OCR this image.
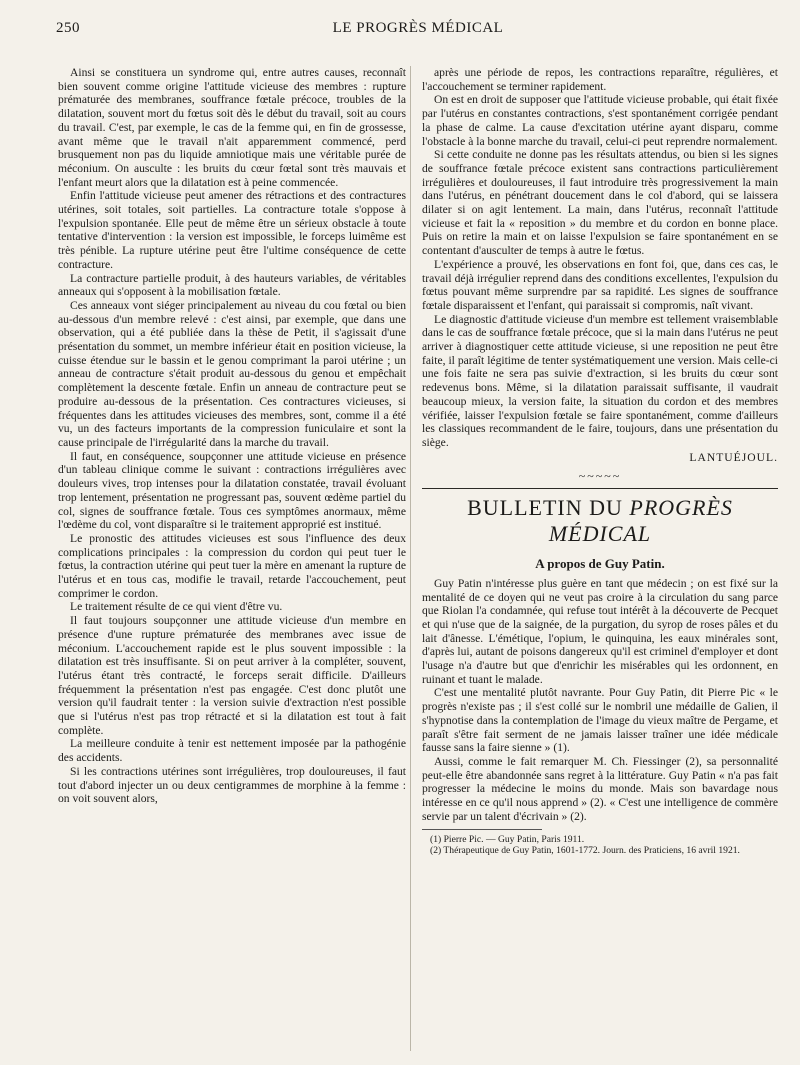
250	LE PROGRÈS MÉDICAL

Ainsi se constituera un syndrome qui, entre autres causes, reconnaît bien souvent comme origine l'attitude vicieuse des membres : rupture prématurée des membranes, souffrance fœtale précoce, troubles de la dilatation, souvent mort du fœtus soit dès le début du travail, soit au cours du travail. C'est, par exemple, le cas de la femme qui, en fin de grossesse, avant même que le travail n'ait apparemment commencé, perd brusquement non pas du liquide amniotique mais une véritable purée de méconium. On ausculte : les bruits du cœur fœtal sont très mauvais et l'enfant meurt alors que la dilatation est à peine commencée.

Enfin l'attitude vicieuse peut amener des rétractions et des contractures utérines, soit totales, soit partielles. La contracture totale s'oppose à l'expulsion spontanée. Elle peut de même être un sérieux obstacle à toute tentative d'intervention : la version est impossible, le forceps luimême est très pénible. La rupture utérine peut être l'ultime conséquence de cette contracture.

La contracture partielle produit, à des hauteurs variables, de véritables anneaux qui s'opposent à la mobilisation fœtale.

Ces anneaux vont siéger principalement au niveau du cou fœtal ou bien au-dessous d'un membre relevé : c'est ainsi, par exemple, que dans une observation, qui a été publiée dans la thèse de Petit, il s'agissait d'une présentation du sommet, un membre inférieur était en position vicieuse, la cuisse étendue sur le bassin et le genou comprimant la paroi utérine ; un anneau de contracture s'était produit au-dessous du genou et empêchait complètement la descente fœtale. Enfin un anneau de contracture peut se produire au-dessous de la présentation. Ces contractures vicieuses, si fréquentes dans les attitudes vicieuses des membres, sont, comme il a été vu, un des facteurs importants de la compression funiculaire et sont la cause principale de l'irrégularité dans la marche du travail.

Il faut, en conséquence, soupçonner une attitude vicieuse en présence d'un tableau clinique comme le suivant : contractions irrégulières avec douleurs vives, trop intenses pour la dilatation constatée, travail évoluant trop lentement, présentation ne progressant pas, souvent œdème partiel du col, signes de souffrance fœtale. Tous ces symptômes anormaux, même l'œdème du col, vont disparaître si le traitement approprié est institué.

Le pronostic des attitudes vicieuses est sous l'influence des deux complications principales : la compression du cordon qui peut tuer le fœtus, la contraction utérine qui peut tuer la mère en amenant la rupture de l'utérus et en tous cas, modifie le travail, retarde l'accouchement, peut comprimer le cordon.

Le traitement résulte de ce qui vient d'être vu.

Il faut toujours soupçonner une attitude vicieuse d'un membre en présence d'une rupture prématurée des membranes avec issue de méconium. L'accouchement rapide est le plus souvent impossible : la dilatation est très insuffisante. Si on peut arriver à la compléter, souvent, l'utérus étant très contracté, le forceps serait difficile. D'ailleurs fréquemment la présentation n'est pas engagée. C'est donc plutôt une version qu'il faudrait tenter : la version suivie d'extraction n'est possible que si l'utérus n'est pas trop rétracté et si la dilatation est tout à fait complète.

La meilleure conduite à tenir est nettement imposée par la pathogénie des accidents.

Si les contractions utérines sont irrégulières, trop douloureuses, il faut tout d'abord injecter un ou deux centigrammes de morphine à la femme : on voit souvent alors,

après une période de repos, les contractions reparaître, régulières, et l'accouchement se terminer rapidement.

On est en droit de supposer que l'attitude vicieuse probable, qui était fixée par l'utérus en constantes contractions, s'est spontanément corrigée pendant la phase de calme. La cause d'excitation utérine ayant disparu, comme l'obstacle à la bonne marche du travail, celui-ci peut reprendre normalement.

Si cette conduite ne donne pas les résultats attendus, ou bien si les signes de souffrance fœtale précoce existent sans contractions particulièrement irrégulières et douloureuses, il faut introduire très progressivement la main dans l'utérus, en pénétrant doucement dans le col d'abord, qui se laissera dilater si on agit lentement. La main, dans l'utérus, reconnaît l'attitude vicieuse et fait la « reposition » du membre et du cordon en bonne place. Puis on retire la main et on laisse l'expulsion se faire spontanément en se contentant d'ausculter de temps à autre le fœtus.

L'expérience a prouvé, les observations en font foi, que, dans ces cas, le travail déjà irrégulier reprend dans des conditions excellentes, l'expulsion du fœtus pouvant même surprendre par sa rapidité. Les signes de souffrance fœtale disparaissent et l'enfant, qui paraissait si compromis, naît vivant.

Le diagnostic d'attitude vicieuse d'un membre est tellement vraisemblable dans le cas de souffrance fœtale précoce, que si la main dans l'utérus ne peut arriver à diagnostiquer cette attitude vicieuse, si une reposition ne peut être faite, il paraît légitime de tenter systématiquement une version. Mais celle-ci une fois faite ne sera pas suivie d'extraction, si les bruits du cœur sont redevenus bons. Même, si la dilatation paraissait suffisante, il vaudrait beaucoup mieux, la version faite, la situation du cordon et des membres vérifiée, laisser l'expulsion fœtale se faire spontanément, comme d'ailleurs les classiques recommandent de le faire, toujours, dans une présentation du siège.

LANTUÉJOUL.
~~~~~
BULLETIN DU PROGRÈS MÉDICAL
A propos de Guy Patin.

Guy Patin n'intéresse plus guère en tant que médecin ; on est fixé sur la mentalité de ce doyen qui ne veut pas croire à la circulation du sang parce que Riolan l'a condamnée, qui refuse tout intérêt à la découverte de Pecquet et qui n'use que de la saignée, de la purgation, du syrop de roses pâles et du lait d'ânesse. L'émétique, l'opium, le quinquina, les eaux minérales sont, d'après lui, autant de poisons dangereux qu'il est criminel d'employer et dont l'usage n'a d'autre but que d'enrichir les misérables qui les ordonnent, en ruinant et tuant le malade.

C'est une mentalité plutôt navrante. Pour Guy Patin, dit Pierre Pic « le progrès n'existe pas ; il s'est collé sur le nombril une médaille de Galien, il s'hypnotise dans la contemplation de l'image du vieux maître de Pergame, et paraît s'être fait serment de ne jamais laisser traîner une idée médicale fausse sans la faire sienne » (1).

Aussi, comme le fait remarquer M. Ch. Fiessinger (2), sa personnalité peut-elle être abandonnée sans regret à la littérature. Guy Patin « n'a pas fait progresser la médecine le moins du monde. Mais son bavardage nous intéresse en ce qu'il nous apprend » (2). « C'est une intelligence de commère servie par un talent d'écrivain » (2).

(1) Pierre Pic. — Guy Patin, Paris 1911.

(2) Thérapeutique de Guy Patin, 1601-1772. Journ. des Praticiens, 16 avril 1921.
